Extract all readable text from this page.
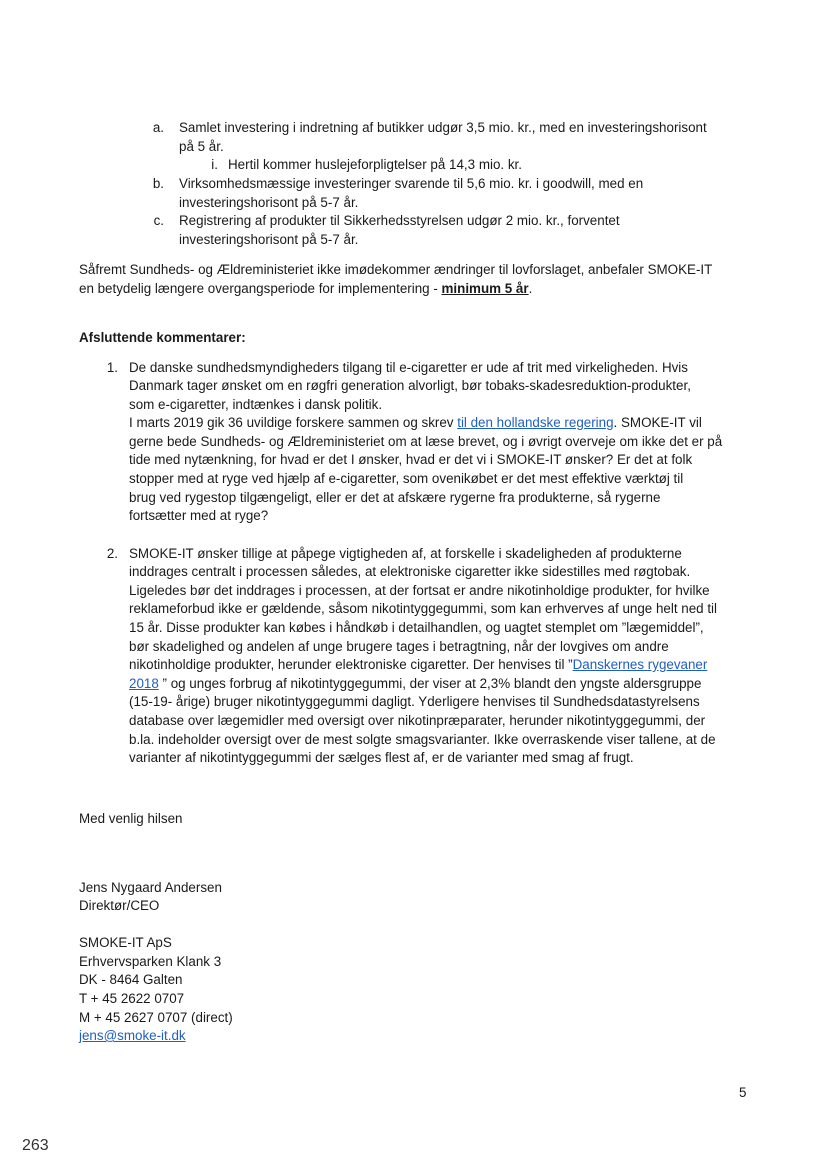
a. Samlet investering i indretning af butikker udgør 3,5 mio. kr., med en investeringshorisont
på 5 år.
i. Hertil kommer huslejeforpligtelser på 14,3 mio. kr.
b. Virksomhedsmæssige investeringer svarende til 5,6 mio. kr. i goodwill, med en
investeringshorisont på 5-7 år.
c. Registrering af produkter til Sikkerhedsstyrelsen udgør 2 mio. kr., forventet
investeringshorisont på 5-7 år.
Såfremt Sundheds- og Ældreministeriet ikke imødekommer ændringer til lovforslaget, anbefaler SMOKE-IT
en betydelig længere overgangsperiode for implementering - minimum 5 år.
Afsluttende kommentarer:
1. De danske sundhedsmyndigheders tilgang til e-cigaretter er ude af trit med virkeligheden. Hvis
Danmark tager ønsket om en røgfri generation alvorligt, bør tobaks-skadesreduktion-produkter,
som e-cigaretter, indtænkes i dansk politik.
I marts 2019 gik 36 uvildige forskere sammen og skrev til den hollandske regering. SMOKE-IT vil
gerne bede Sundheds- og Ældreministeriet om at læse brevet, og i øvrigt overveje om ikke det er på
tide med nytænkning, for hvad er det I ønsker, hvad er det vi i SMOKE-IT ønsker? Er det at folk
stopper med at ryge ved hjælp af e-cigaretter, som ovenikøbet er det mest effektive værktøj til
brug ved rygestop tilgængeligt, eller er det at afskære rygerne fra produkterne, så rygerne
fortsætter med at ryge?
2. SMOKE-IT ønsker tillige at påpege vigtigheden af, at forskelle i skadeligheden af produkterne
inddrages centralt i processen således, at elektroniske cigaretter ikke sidestilles med røgtobak.
Ligeledes bør det inddrages i processen, at der fortsat er andre nikotinholdige produkter, for hvilke
reklameforbud ikke er gældende, såsom nikotintyggegummi, som kan erhverves af unge helt ned til
15 år. Disse produkter kan købes i håndkøb i detailhandlen, og uagtet stemplet om ”lægemiddel”,
bør skadelighed og andelen af unge brugere tages i betragtning, når der lovgives om andre
nikotinholdige produkter, herunder elektroniske cigaretter. Der henvises til ”Danskernes rygevaner
2018 ” og unges forbrug af nikotintyggegummi, der viser at 2,3% blandt den yngste aldersgruppe
(15-19- årige) bruger nikotintyggegummi dagligt. Yderligere henvises til Sundhedsdatastyrelsens
database over lægemidler med oversigt over nikotinpræparater, herunder nikotintyggegummi, der
b.la. indeholder oversigt over de mest solgte smagsvarianter. Ikke overraskende viser tallene, at de
varianter af nikotintyggegummi der sælges flest af, er de varianter med smag af frugt.
Med venlig hilsen
Jens Nygaard Andersen
Direktør/CEO
SMOKE-IT ApS
Erhvervsparken Klank 3
DK - 8464 Galten
T + 45 2622 0707
M + 45 2627 0707 (direct)
jens@smoke-it.dk
5
263
